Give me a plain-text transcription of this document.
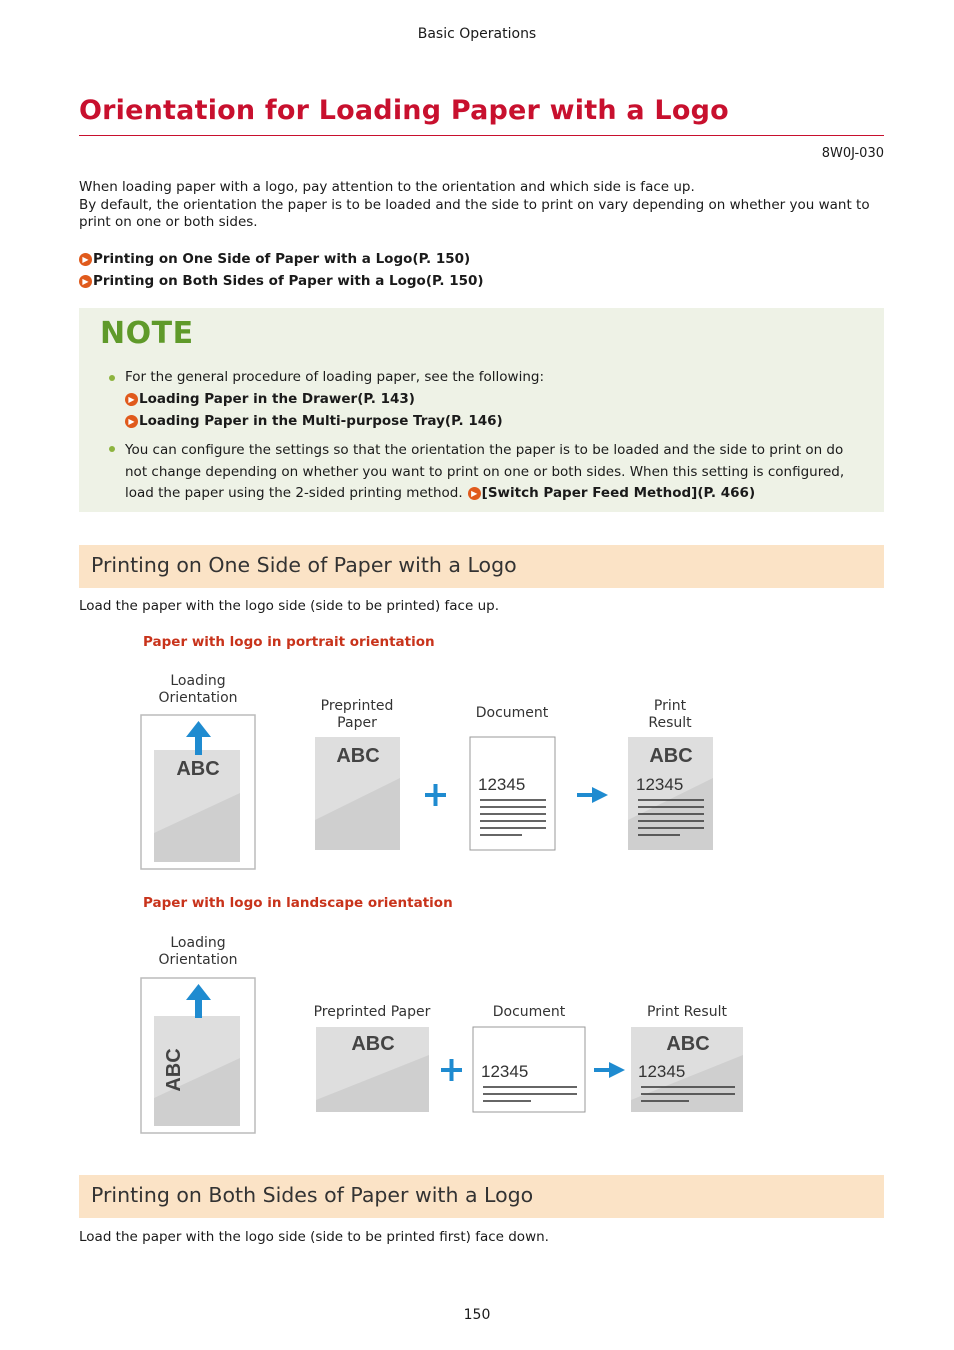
Basic Operations
Orientation for Loading Paper with a Logo
8W0J-030
When loading paper with a logo, pay attention to the orientation and which side is face up.
By default, the orientation the paper is to be loaded and the side to print on vary depending on whether you want to print on one or both sides.
▶ Printing on One Side of Paper with a Logo(P. 150)
▶ Printing on Both Sides of Paper with a Logo(P. 150)
NOTE
For the general procedure of loading paper, see the following:
▶ Loading Paper in the Drawer(P. 143)
▶ Loading Paper in the Multi-purpose Tray(P. 146)
You can configure the settings so that the orientation the paper is to be loaded and the side to print on do
not change depending on whether you want to print on one or both sides. When this setting is configured,
load the paper using the 2-sided printing method.	▶ [Switch Paper Feed Method](P. 466)
Printing on One Side of Paper with a Logo
Load the paper with the logo side (side to be printed) face up.
Paper with logo in portrait orientation
Paper with logo in landscape orientation
Loading
Orientation
ABC
Preprinted
Paper
ABC
Document
12345
Print
Result
ABC
12345
Loading
Orientation
ABC
Preprinted Paper
ABC
Document
12345
Print Result
ABC
12345
Printing on Both Sides of Paper with a Logo
Load the paper with the logo side (side to be printed first) face down.
150
